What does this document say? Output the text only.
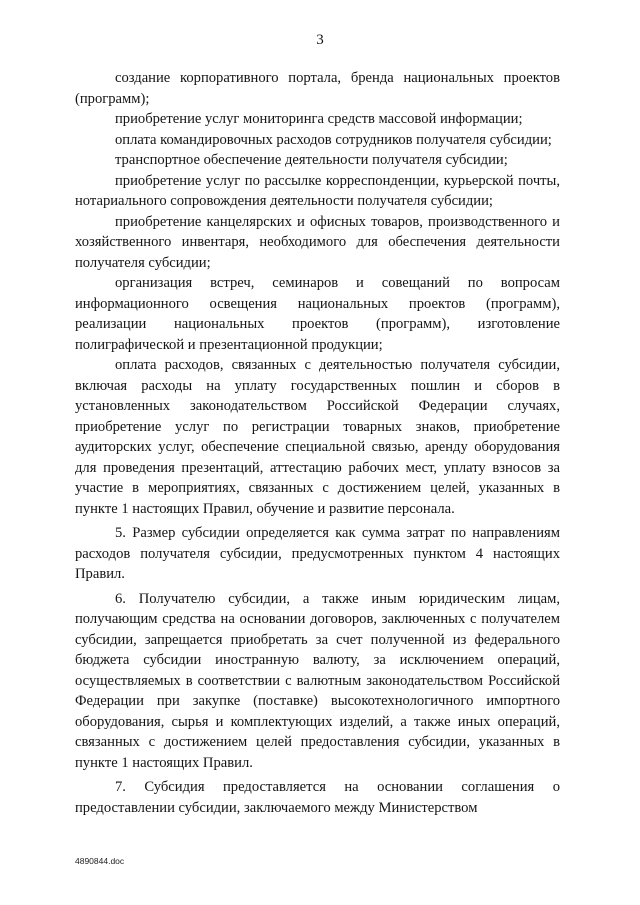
3

создание корпоративного портала, бренда национальных проектов (программ);

приобретение услуг мониторинга средств массовой информации;

оплата командировочных расходов сотрудников получателя субсидии;

транспортное обеспечение деятельности получателя субсидии;

приобретение услуг по рассылке корреспонденции, курьерской почты, нотариального сопровождения деятельности получателя субсидии;

приобретение канцелярских и офисных товаров, производственного и хозяйственного инвентаря, необходимого для обеспечения деятельности получателя субсидии;

организация встреч, семинаров и совещаний по вопросам информационного освещения национальных проектов (программ), реализации национальных проектов (программ), изготовление полиграфической и презентационной продукции;

оплата расходов, связанных с деятельностью получателя субсидии, включая расходы на уплату государственных пошлин и сборов в установленных законодательством Российской Федерации случаях, приобретение услуг по регистрации товарных знаков, приобретение аудиторских услуг, обеспечение специальной связью, аренду оборудования для проведения презентаций, аттестацию рабочих мест, уплату взносов за участие в мероприятиях, связанных с достижением целей, указанных в пункте 1 настоящих Правил, обучение и развитие персонала.

5. Размер субсидии определяется как сумма затрат по направлениям расходов получателя субсидии, предусмотренных пунктом 4 настоящих Правил.

6. Получателю субсидии, а также иным юридическим лицам, получающим средства на основании договоров, заключенных с получателем субсидии, запрещается приобретать за счет полученной из федерального бюджета субсидии иностранную валюту, за исключением операций, осуществляемых в соответствии с валютным законодательством Российской Федерации при закупке (поставке) высокотехнологичного импортного оборудования, сырья и комплектующих изделий, а также иных операций, связанных с достижением целей предоставления субсидии, указанных в пункте 1 настоящих Правил.

7. Субсидия предоставляется на основании соглашения о предоставлении субсидии, заключаемого между Министерством

4890844.doc
